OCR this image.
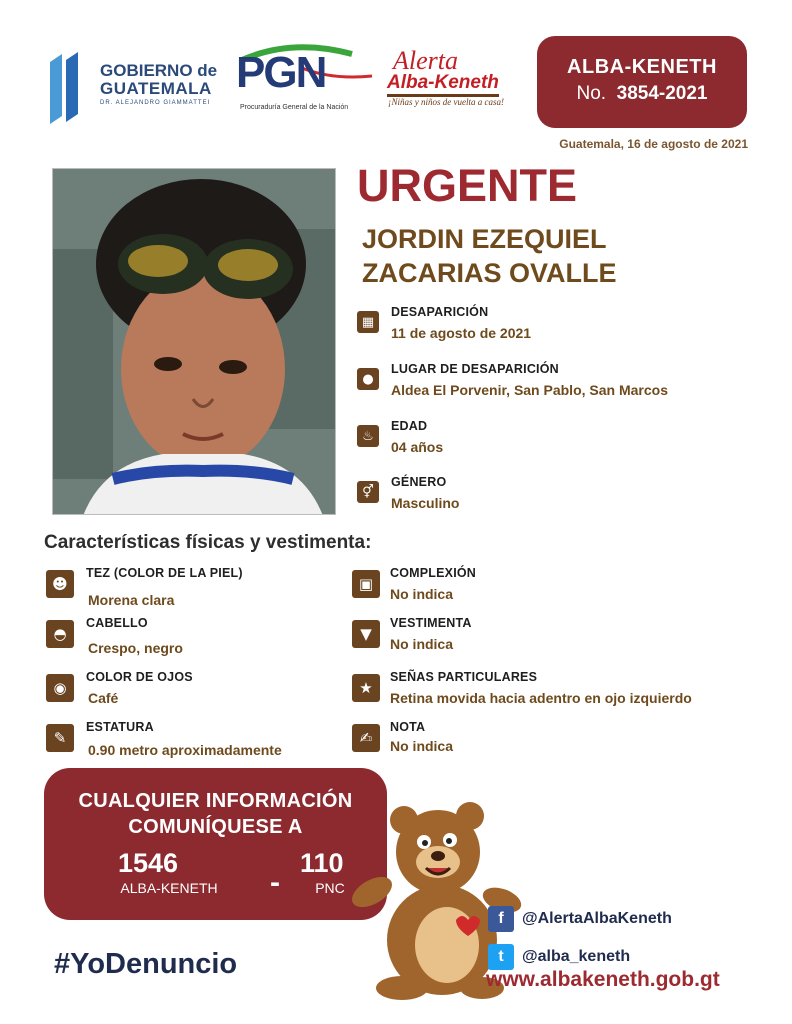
GOBIERNO de
GUATEMALA
DR. ALEJANDRO GIAMMATTEI
PGN
Procuraduría General de la Nación
Alerta
Alba-Keneth
¡Niñas y niños de vuelta a casa!
ALBA-KENETH
No. 3854-2021
Guatemala, 16 de agosto de 2021
URGENTE
JORDIN EZEQUIEL
ZACARIAS OVALLE
▦
DESAPARICIÓN
11 de agosto de 2021
●
LUGAR DE DESAPARICIÓN
Aldea El Porvenir, San Pablo, San Marcos
♨
EDAD
04 años
⚥
GÉNERO
Masculino
Características físicas y vestimenta:
☻
TEZ (COLOR DE LA PIEL)
Morena clara
◓
CABELLO
Crespo, negro
◉
COLOR DE OJOS
Café
✎
ESTATURA
0.90 metro aproximadamente
▣
COMPLEXIÓN
No indica
▼
VESTIMENTA
No indica
★
SEÑAS PARTICULARES
Retina movida hacia adentro en ojo izquierdo
✍
NOTA
No indica
CUALQUIER INFORMACIÓN
COMUNÍQUESE A
1546
ALBA-KENETH	-
110
PNC
#YoDenuncio
f	@AlertaAlbaKeneth
t	@alba_keneth
www.albakeneth.gob.gt
